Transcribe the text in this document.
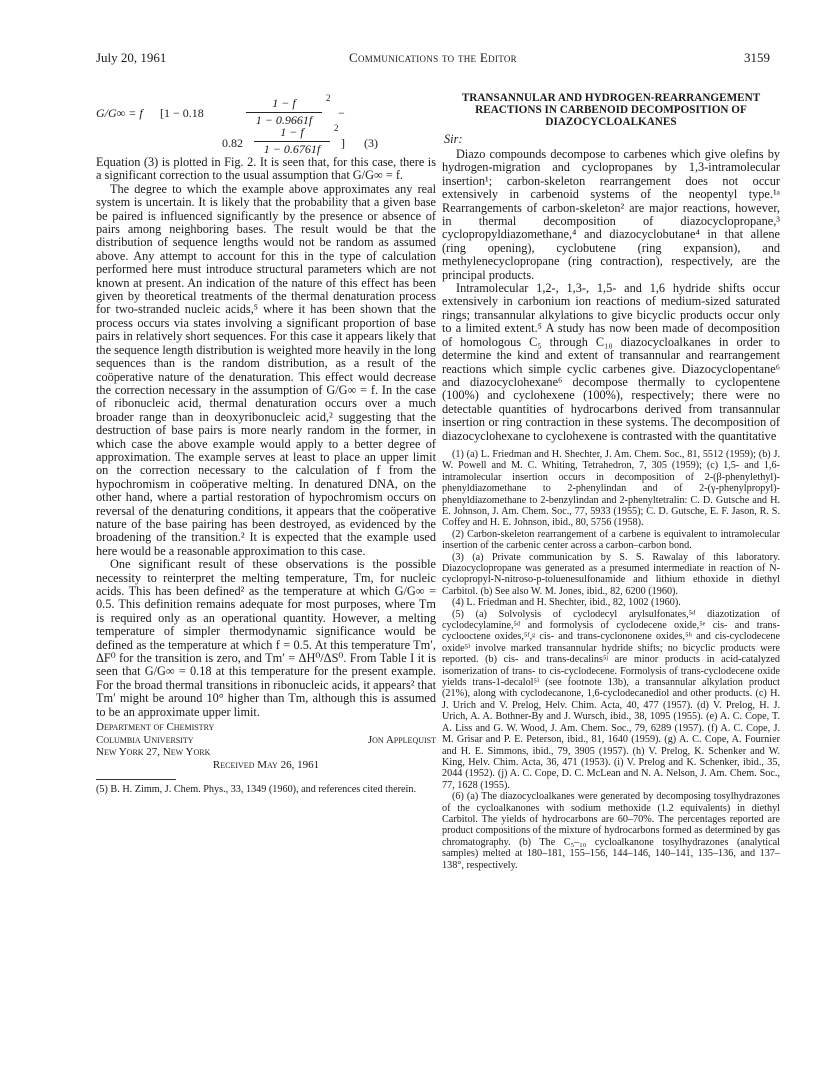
July 20, 1961	Communications to the Editor	3159
G/G∞ = f [1 − 0.18
1 − f
1 − 0.9661f
2
−
0.82
1 − f
1 − 0.6761f
2
] (3)

Equation (3) is plotted in Fig. 2. It is seen that, for this case, there is a significant correction to the usual assumption that G/G∞ = f.

The degree to which the example above approximates any real system is uncertain. It is likely that the probability that a given base be paired is influenced significantly by the presence or absence of pairs among neighboring bases. The result would be that the distribution of sequence lengths would not be random as assumed above. Any attempt to account for this in the type of calculation performed here must introduce structural parameters which are not known at present. An indication of the nature of this effect has been given by theoretical treatments of the thermal denaturation process for two-stranded nucleic acids,⁵ where it has been shown that the process occurs via states involving a significant proportion of base pairs in relatively short sequences. For this case it appears likely that the sequence length distribution is weighted more heavily in the long sequences than is the random distribution, as a result of the coöperative nature of the denaturation. This effect would decrease the correction necessary in the assumption of G/G∞ = f. In the case of ribonucleic acid, thermal denaturation occurs over a much broader range than in deoxyribonucleic acid,² suggesting that the destruction of base pairs is more nearly random in the former, in which case the above example would apply to a better degree of approximation. The example serves at least to place an upper limit on the correction necessary to the calculation of f from the hypochromism in coöperative melting. In denatured DNA, on the other hand, where a partial restoration of hypochromism occurs on reversal of the denaturing conditions, it appears that the coöperative nature of the base pairing has been destroyed, as evidenced by the broadening of the transition.² It is expected that the example used here would be a reasonable approximation to this case.

One significant result of these observations is the possible necessity to reinterpret the melting temperature, Tm, for nucleic acids. This has been defined² as the temperature at which G/G∞ = 0.5. This definition remains adequate for most purposes, where Tm is required only as an operational quantity. However, a melting temperature of simpler thermodynamic significance would be defined as the temperature at which f = 0.5. At this temperature Tm′, ΔF⁰ for the transition is zero, and Tm′ = ΔH⁰/ΔS⁰. From Table I it is seen that G/G∞ = 0.18 at this temperature for the present example. For the broad thermal transitions in ribonucleic acids, it appears² that Tm′ might be around 10° higher than Tm, although this is assumed to be an approximate upper limit.

Department of Chemistry
Columbia University	Jon Applequist
New York 27, New York
Received May 26, 1961
(5) B. H. Zimm, J. Chem. Phys., 33, 1349 (1960), and references cited therein.
TRANSANNULAR AND HYDROGEN-REARRANGEMENT REACTIONS IN CARBENOID DECOMPOSITION OF DIAZOCYCLOALKANES
Sir:

Diazo compounds decompose to carbenes which give olefins by hydrogen-migration and cyclopropanes by 1,3-intramolecular insertion¹; carbon-skeleton rearrangement does not occur extensively in carbenoid systems of the neopentyl type.¹ᵃ Rearrangements of carbon-skeleton² are major reactions, however, in thermal decomposition of diazocyclopropane,³ cyclopropyldiazomethane,⁴ and diazocyclobutane⁴ in that allene (ring opening), cyclobutene (ring expansion), and methylenecyclopropane (ring contraction), respectively, are the principal products.

Intramolecular 1,2-, 1,3-, 1,5- and 1,6 hydride shifts occur extensively in carbonium ion reactions of medium-sized saturated rings; transannular alkylations to give bicyclic products occur only to a limited extent.⁵ A study has now been made of decomposition of homologous C₅ through C₁₀ diazocycloalkanes in order to determine the kind and extent of transannular and rearrangement reactions which simple cyclic carbenes give. Diazocyclopentane⁶ and diazocyclohexane⁶ decompose thermally to cyclopentene (100%) and cyclohexene (100%), respectively; there were no detectable quantities of hydrocarbons derived from transannular insertion or ring contraction in these systems. The decomposition of diazocyclohexane to cyclohexene is contrasted with the quantitative

(1) (a) L. Friedman and H. Shechter, J. Am. Chem. Soc., 81, 5512 (1959); (b) J. W. Powell and M. C. Whiting, Tetrahedron, 7, 305 (1959); (c) 1,5- and 1,6-intramolecular insertion occurs in decomposition of 2-(β-phenylethyl)-phenyldiazomethane to 2-phenylindan and of 2-(γ-phenylpropyl)-phenyldiazomethane to 2-benzylindan and 2-phenyltetralin: C. D. Gutsche and H. E. Johnson, J. Am. Chem. Soc., 77, 5933 (1955); C. D. Gutsche, E. F. Jason, R. S. Coffey and H. E. Johnson, ibid., 80, 5756 (1958).

(2) Carbon-skeleton rearrangement of a carbene is equivalent to intramolecular insertion of the carbenic center across a carbon–carbon bond.

(3) (a) Private communication by S. S. Rawalay of this laboratory. Diazocyclopropane was generated as a presumed intermediate in reaction of N-cyclopropyl-N-nitroso-p-toluenesulfonamide and lithium ethoxide in diethyl Carbitol. (b) See also W. M. Jones, ibid., 82, 6200 (1960).

(4) L. Friedman and H. Shechter, ibid., 82, 1002 (1960).

(5) (a) Solvolysis of cyclodecyl arylsulfonates,⁵ᵈ diazotization of cyclodecylamine,⁵ᵈ and formolysis of cyclodecene oxide,⁵ᵉ cis- and trans-cyclooctene oxides,⁵ᶠ,ᵍ cis- and trans-cyclononene oxides,⁵ʰ and cis-cyclodecene oxide⁵ⁱ involve marked transannular hydride shifts; no bicyclic products were reported. (b) cis- and trans-decalins⁵ʲ are minor products in acid-catalyzed isomerization of trans- to cis-cyclodecene. Formolysis of trans-cyclodecene oxide yields trans-1-decalol⁵ⁱ (see footnote 13b), a transannular alkylation product (21%), along with cyclodecanone, 1,6-cyclodecanediol and other products. (c) H. J. Urich and V. Prelog, Helv. Chim. Acta, 40, 477 (1957). (d) V. Prelog, H. J. Urich, A. A. Bothner-By and J. Wursch, ibid., 38, 1095 (1955). (e) A. C. Cope, T. A. Liss and G. W. Wood, J. Am. Chem. Soc., 79, 6289 (1957). (f) A. C. Cope, J. M. Grisar and P. E. Peterson, ibid., 81, 1640 (1959). (g) A. C. Cope, A. Fournier and H. E. Simmons, ibid., 79, 3905 (1957). (h) V. Prelog, K. Schenker and W. King, Helv. Chim. Acta, 36, 471 (1953). (i) V. Prelog and K. Schenker, ibid., 35, 2044 (1952). (j) A. C. Cope, D. C. McLean and N. A. Nelson, J. Am. Chem. Soc., 77, 1628 (1955).

(6) (a) The diazocycloalkanes were generated by decomposing tosylhydrazones of the cycloalkanones with sodium methoxide (1.2 equivalents) in diethyl Carbitol. The yields of hydrocarbons are 60–70%. The percentages reported are product compositions of the mixture of hydrocarbons formed as determined by gas chromatography. (b) The C₅–₁₀ cycloalkanone tosylhydrazones (analytical samples) melted at 180–181, 155–156, 144–146, 140–141, 135–136, and 137–138°, respectively.
